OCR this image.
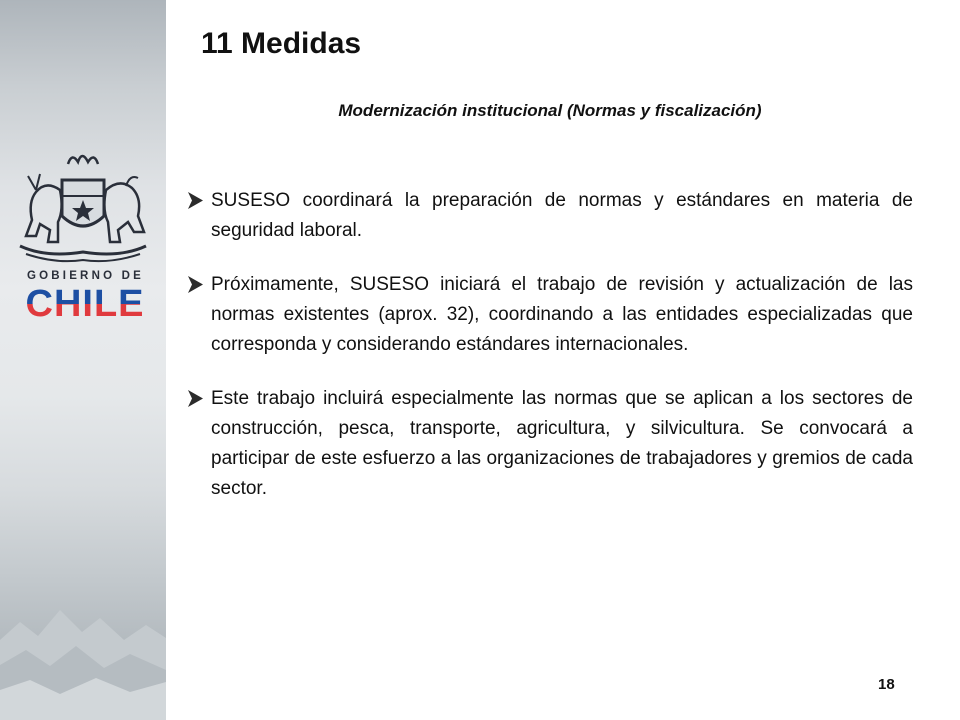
GOBIERNO DE
CHILE
11 Medidas
Modernización institucional (Normas y fiscalización)
SUSESO coordinará la preparación de normas y estándares en materia de seguridad laboral.
Próximamente, SUSESO iniciará el trabajo de revisión y actualización de las normas existentes (aprox. 32), coordinando a las entidades especializadas que corresponda y considerando estándares internacionales.
Este trabajo incluirá especialmente las normas que se aplican a los sectores de construcción, pesca, transporte, agricultura, y silvicultura. Se convocará a participar de este esfuerzo a las organizaciones de trabajadores y gremios de cada sector.
18
